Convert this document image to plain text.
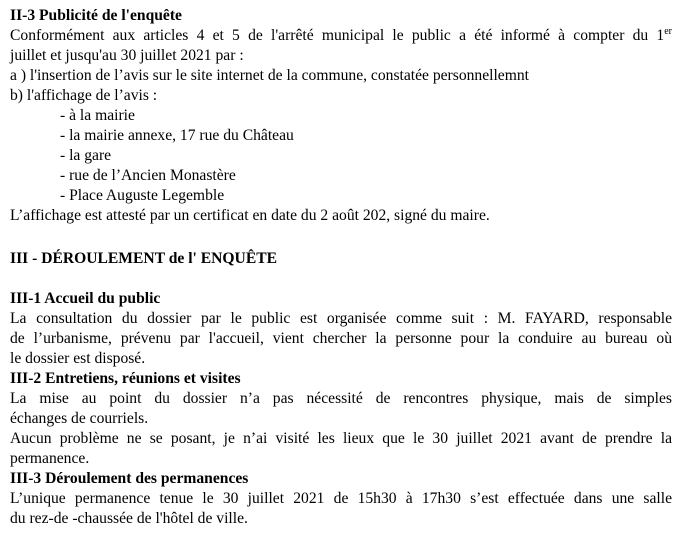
II-3 Publicité de l'enquête
Conformément aux articles 4 et 5 de l'arrêté municipal le public a été informé à compter du 1er
juillet et jusqu'au 30 juillet 2021 par :
a ) l'insertion de l’avis sur le site internet de la commune, constatée personnellemnt
b) l'affichage de l’avis :
- à la mairie
- la mairie annexe, 17 rue du Château
- la gare
- rue de l’Ancien Monastère
- Place Auguste Legemble
L’affichage est attesté par un certificat en date du 2 août 202, signé du maire.
III - DÉROULEMENT de l' ENQUÊTE
III-1 Accueil du public
La consultation du dossier par le public est organisée comme suit : M. FAYARD, responsable
de l’urbanisme, prévenu par l'accueil, vient chercher la personne pour la conduire au bureau où
le dossier est disposé.
III-2 Entretiens, réunions et visites
La mise au point du dossier n’a pas nécessité de rencontres physique, mais de simples
échanges de courriels.
Aucun problème ne se posant, je n’ai visité les lieux que le 30 juillet 2021 avant de prendre la
permanence.
III-3 Déroulement des permanences
L’unique permanence tenue le 30 juillet 2021 de 15h30 à 17h30 s’est effectuée dans une salle
du rez-de -chaussée de l'hôtel de ville.
